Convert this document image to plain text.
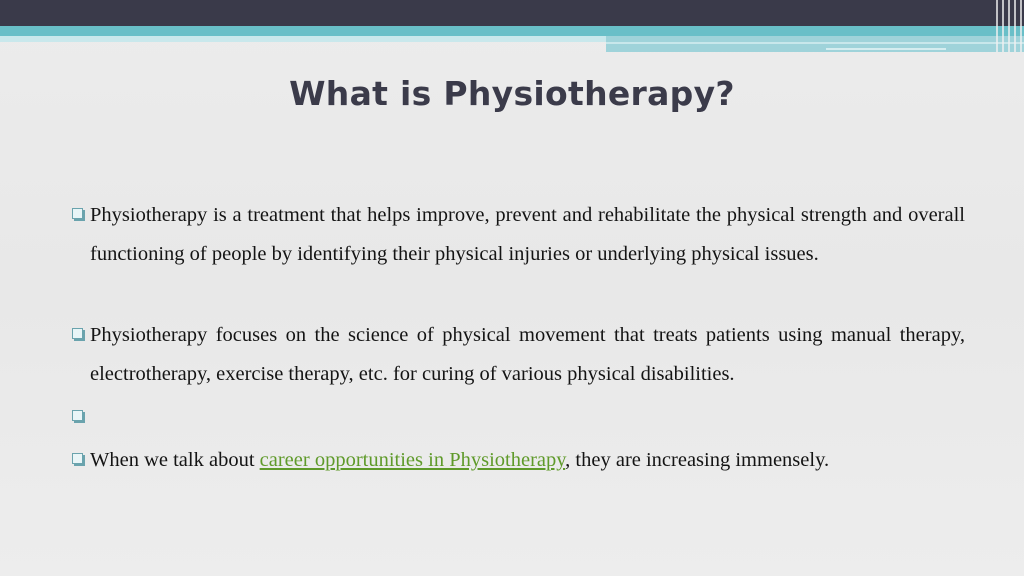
What is Physiotherapy?
Physiotherapy is a treatment that helps improve, prevent and rehabilitate the physical strength and overall functioning of people by identifying their physical injuries or underlying physical issues.
Physiotherapy focuses on the science of physical movement that treats patients using manual therapy, electrotherapy, exercise therapy, etc. for curing of various physical disabilities.
When we talk about career opportunities in Physiotherapy, they are increasing immensely.
